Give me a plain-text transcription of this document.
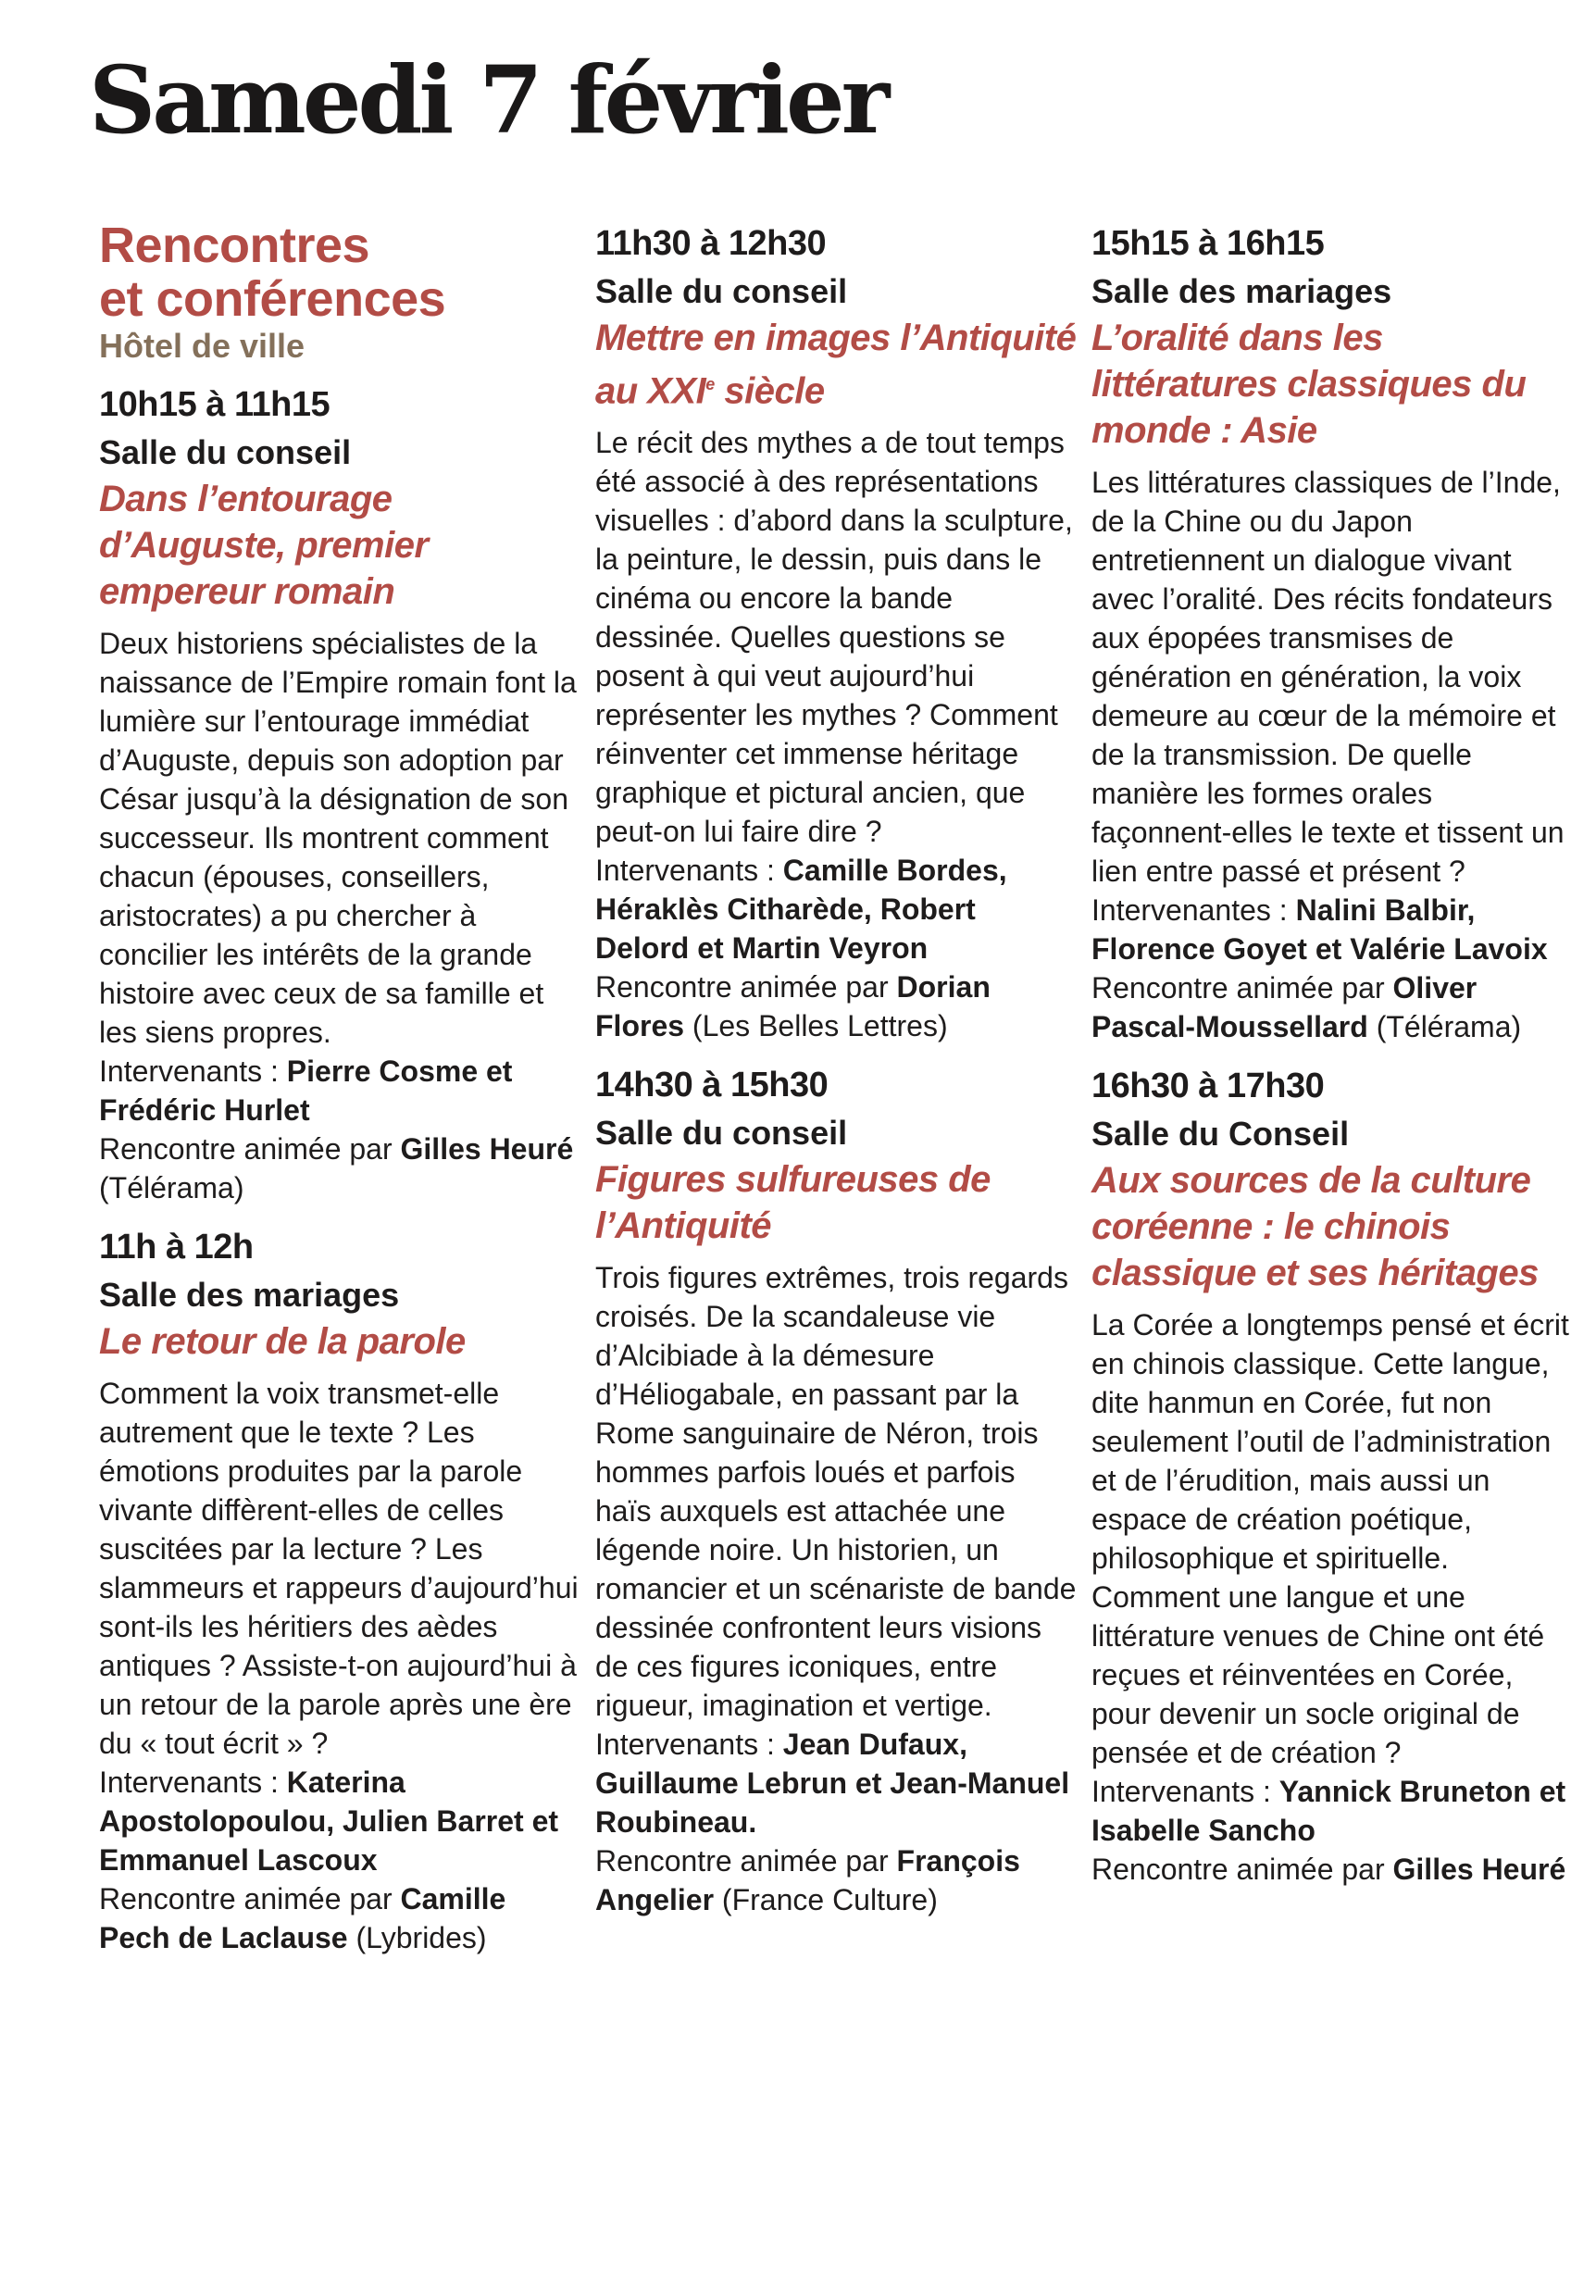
Samedi 7 février
Rencontres
et conférences

Hôtel de ville

10h15 à 11h15

Salle du conseil

Dans l’entourage d’Auguste, premier empereur romain

Deux historiens spécialistes de la naissance de l’Empire romain font la lumière sur l’entourage immédiat d’Auguste, depuis son adoption par César jusqu’à la désignation de son successeur. Ils montrent comment chacun (épouses, conseillers, aristocrates) a pu chercher à concilier les intérêts de la grande histoire avec ceux de sa famille et les siens propres.

Intervenants : Pierre Cosme et Frédéric Hurlet

Rencontre animée par Gilles Heuré (Télérama)

11h à 12h

Salle des mariages

Le retour de la parole

Comment la voix transmet-elle autrement que le texte ? Les émotions produites par la parole vivante diffèrent-elles de celles suscitées par la lecture ? Les slammeurs et rappeurs d’aujourd’hui sont-ils les héritiers des aèdes antiques ? Assiste-t-on aujourd’hui à un retour de la parole après une ère du « tout écrit » ?

Intervenants : Katerina Apostolopoulou, Julien Barret et Emmanuel Lascoux

Rencontre animée par Camille Pech de Laclause (Lybrides)

11h30 à 12h30

Salle du conseil

Mettre en images l’Antiquité au XXIe siècle

Le récit des mythes a de tout temps été associé à des représentations visuelles : d’abord dans la sculpture, la peinture, le dessin, puis dans le cinéma ou encore la bande dessinée. Quelles questions se posent à qui veut aujourd’hui représenter les mythes ? Comment réinventer cet immense héritage graphique et pictural ancien, que peut-on lui faire dire ?

Intervenants : Camille Bordes, Héraklès Citharède, Robert Delord et Martin Veyron

Rencontre animée par Dorian Flores (Les Belles Lettres)

14h30 à 15h30

Salle du conseil

Figures sulfureuses de l’Antiquité

Trois figures extrêmes, trois regards croisés. De la scandaleuse vie d’Alcibiade à la démesure d’Héliogabale, en passant par la Rome sanguinaire de Néron, trois hommes parfois loués et parfois haïs auxquels est attachée une légende noire. Un historien, un romancier et un scénariste de bande dessinée confrontent leurs visions de ces figures iconiques, entre rigueur, imagination et vertige.

Intervenants : Jean Dufaux, Guillaume Lebrun et Jean-Manuel Roubineau.

Rencontre animée par François Angelier (France Culture)

15h15 à 16h15

Salle des mariages

L’oralité dans les littératures classiques du monde : Asie

Les littératures classiques de l’Inde, de la Chine ou du Japon entretiennent un dialogue vivant avec l’oralité. Des récits fondateurs aux épopées transmises de génération en génération, la voix demeure au cœur de la mémoire et de la transmission. De quelle manière les formes orales façonnent-elles le texte et tissent un lien entre passé et présent ?

Intervenantes : Nalini Balbir, Florence Goyet et Valérie Lavoix

Rencontre animée par Oliver Pascal-Moussellard (Télérama)

16h30 à 17h30

Salle du Conseil

Aux sources de la culture coréenne : le chinois classique et ses héritages

La Corée a longtemps pensé et écrit en chinois classique. Cette langue, dite hanmun en Corée, fut non seulement l’outil de l’administration et de l’érudition, mais aussi un espace de création poétique, philosophique et spirituelle. Comment une langue et une littérature venues de Chine ont été reçues et réinventées en Corée, pour devenir un socle original de pensée et de création ?

Intervenants : Yannick Bruneton et Isabelle Sancho

Rencontre animée par Gilles Heuré
